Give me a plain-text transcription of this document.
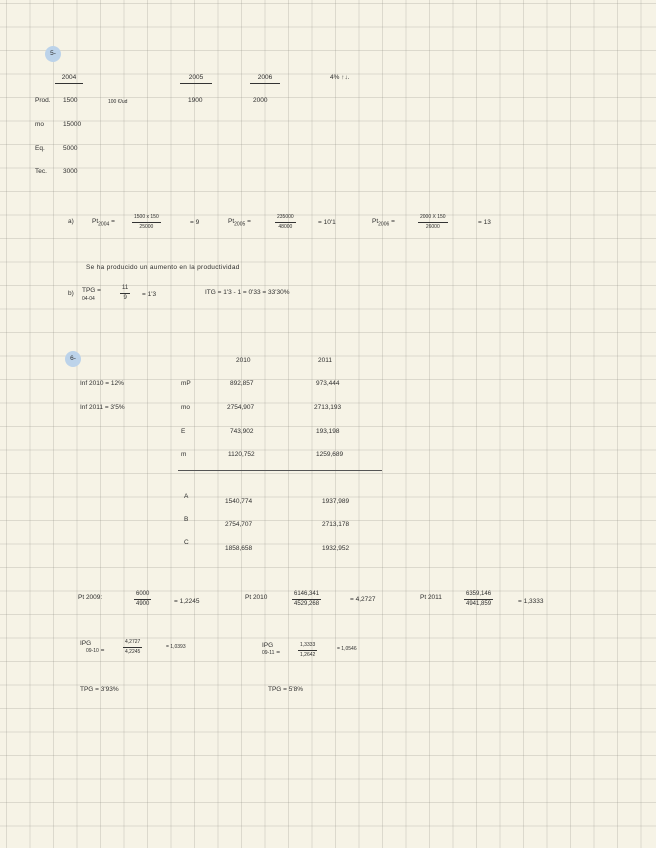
5-
2004	2005	2006	4% ↑↓.
Prod. 1500	100 €/ud	1900	2000
mo	15000
Eq.	5000
Tec. 3000
a)	$Pt_{2004}$ =	$\frac{1500 x 150}{25000}$	= 9	$Pt_{2005}$ =	$\frac{235000}{48000}$	= 10'1	$Pt_{2006}$ =	$\frac{2000 X 150}{26000}$	= 13
Se ha producido un aumento en la productividad
b) TPG =
04-04	$\frac{11}{9} = 1'3$	ITG = 1'3 - 1 = 0'33 = 33'30%
6-	2010	2011
Inf 2010 = 12%
Inf 2011 = 3'5%
mP	892,857	973,444
mo	2754,907	2713,193
E	743,902	193,198
m	1120,752	1259,689
A
1540,774	1937,989
B
2754,707	2713,178
C
1858,658	1932,952
Pt 2009:	$\frac{6000}{4900}$	= 1,2245
Pt 2010	$\frac{6146,341}{4529,268}$	= 4,2727	Pt 2011	$\frac{6359,146}{4941,859}$	= 1,3333
IPG
09-10 =	$\frac{4,2727}{4,2245}$	= 1,0393	IPG
09-11 =	$\frac{1,3333}{1,2642}$	= 1,0546
TPG = 3'93%	TPG = 5'8%
